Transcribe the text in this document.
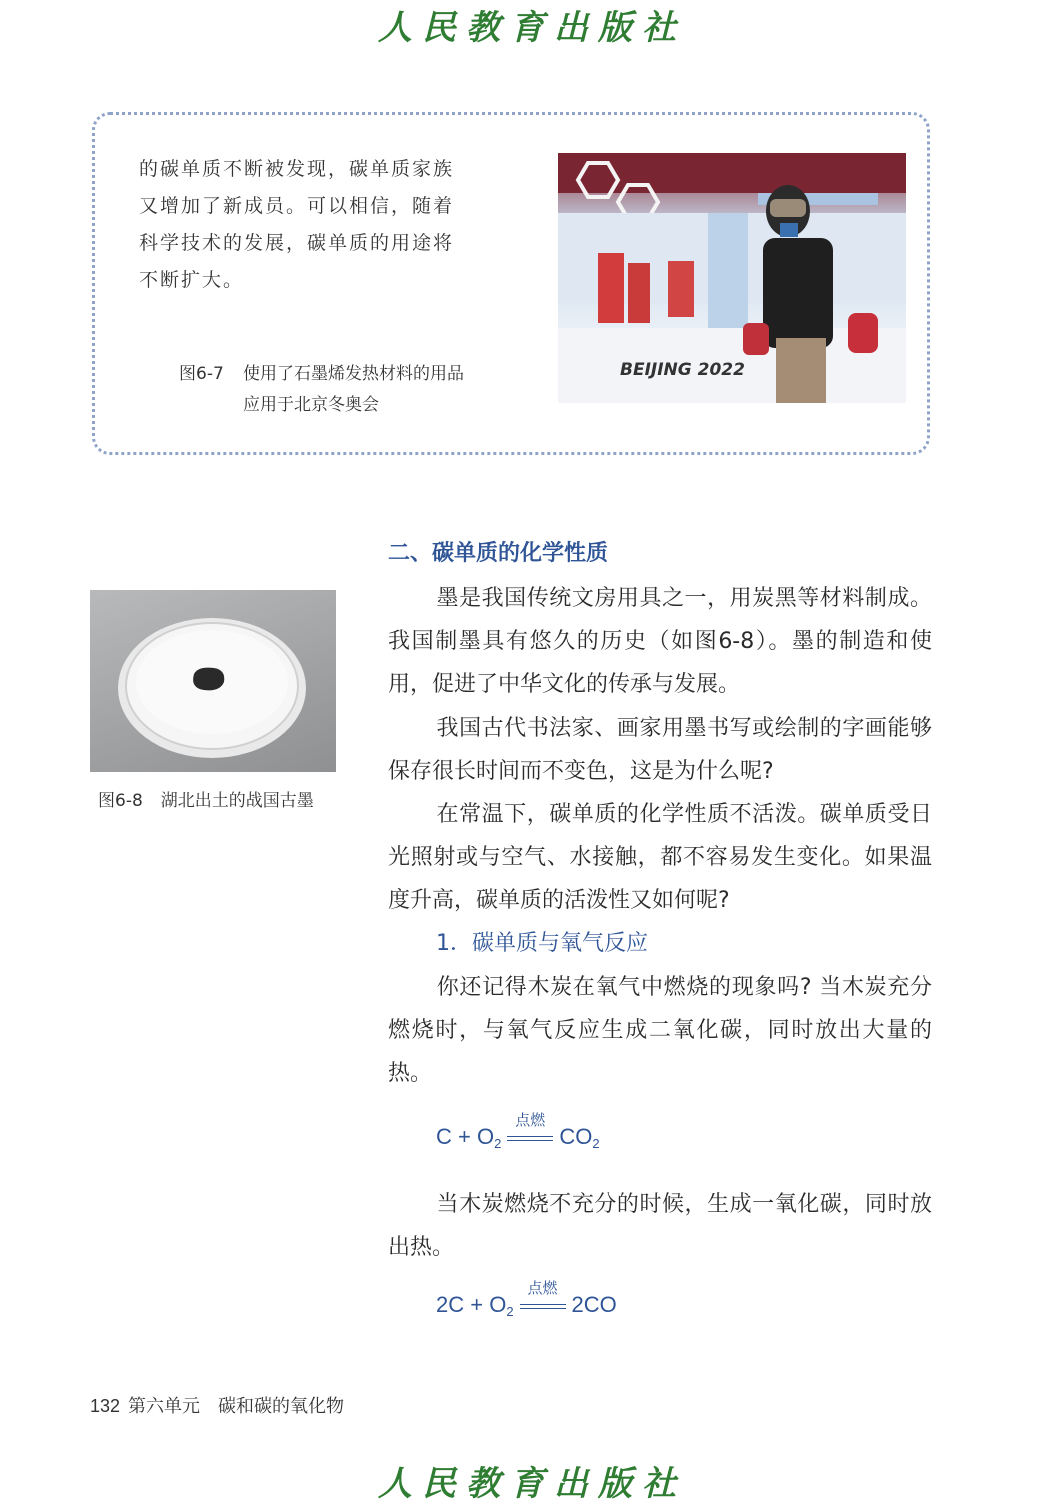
人民教育出版社
的碳单质不断被发现，碳单质家族
又增加了新成员。可以相信，随着
科学技术的发展，碳单质的用途将
不断扩大。
图6-7 使用了石墨烯发热材料的用品
应用于北京冬奥会
BEIJING 2022
图6-8 湖北出土的战国古墨
二、碳单质的化学性质
墨是我国传统文房用具之一，用炭黑等材料制成。我国制墨具有悠久的历史（如图6-8）。墨的制造和使用，促进了中华文化的传承与发展。
我国古代书法家、画家用墨书写或绘制的字画能够保存很长时间而不变色，这是为什么呢?
在常温下，碳单质的化学性质不活泼。碳单质受日光照射或与空气、水接触，都不容易发生变化。如果温度升高，碳单质的活泼性又如何呢?
1．碳单质与氧气反应
你还记得木炭在氧气中燃烧的现象吗? 当木炭充分燃烧时，与氧气反应生成二氧化碳，同时放出大量的热。
$C + O_2$
点燃
$CO_2$
当木炭燃烧不充分的时候，生成一氧化碳，同时放出热。
$2C + O_2$
点燃
2CO
132 第六单元 碳和碳的氧化物
人民教育出版社
